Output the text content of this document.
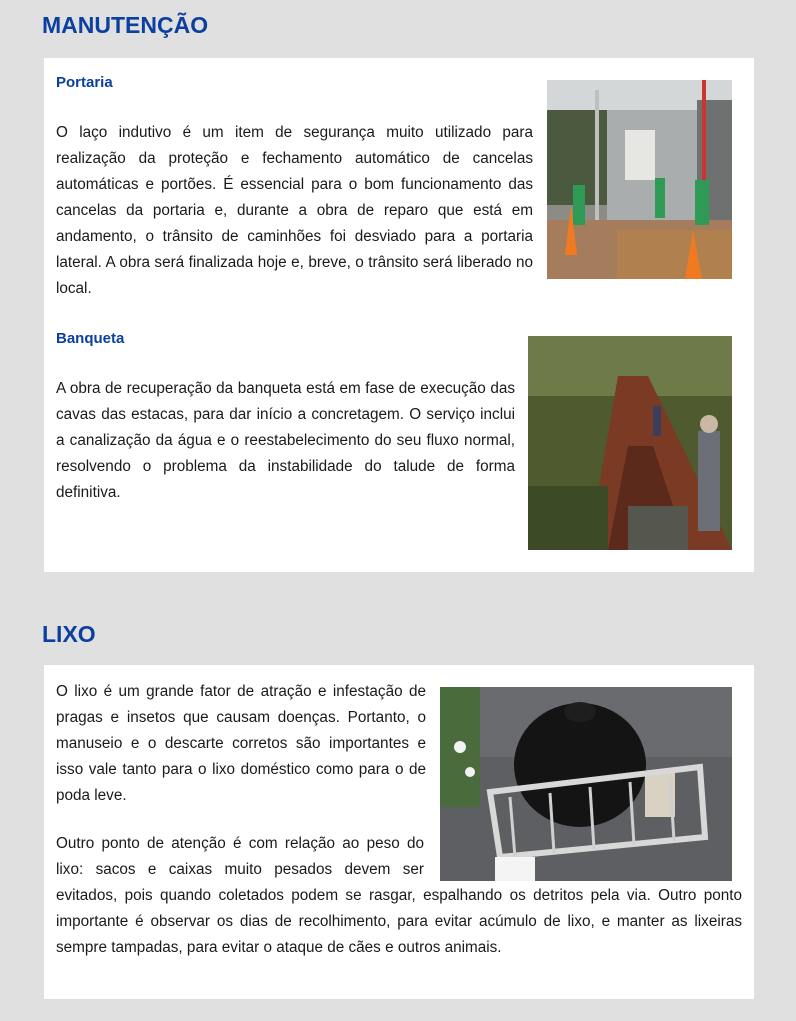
MANUTENÇÃO
Portaria

O laço indutivo é um item de segurança muito utilizado para realização da proteção e fechamento automático de cancelas automáticas e portões. É essencial para o bom funcionamento das cancelas da portaria e, durante a obra de reparo que está em andamento, o trânsito de caminhões foi desviado para a portaria lateral. A obra será finalizada hoje e, breve, o trânsito será liberado no local.

Banqueta

A obra de recuperação da banqueta está em fase de execução das cavas das estacas, para dar início a concretagem. O serviço inclui a canalização da água e o reestabelecimento do seu fluxo normal, resolvendo o problema da instabilidade do talude de forma definitiva.

LIXO

O lixo é um grande fator de atração e infestação de pragas e insetos que causam doenças. Portanto, o manuseio e o descarte corretos são importantes e isso vale tanto para o lixo doméstico como para o de poda leve.

Outro ponto de atenção é com relação ao peso do lixo: sacos e caixas muito pesados devem ser evitados, pois quando coletados podem se rasgar, espalhando os detritos pela via. Outro ponto importante é observar os dias de recolhimento, para evitar acúmulo de lixo, e manter as lixeiras sempre tampadas, para evitar o ataque de cães e outros animais.
